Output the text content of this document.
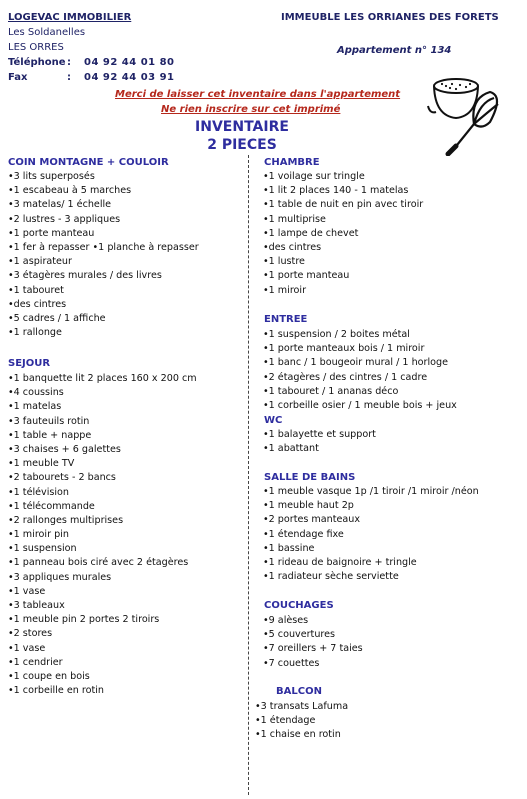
LOGEVAC IMMOBILIER
Les Soldanelles
LES ORRES
Téléphone : 04 92 44 01 80
Fax	: 04 92 44 03 91
IMMEUBLE LES ORRIANES DES FORETS
Appartement n° 134
Merci de laisser cet inventaire dans l'appartement
Ne rien inscrire sur cet imprimé
INVENTAIRE
2 PIECES
COIN MONTAGNE + COULOIR
•3 lits superposés
•1 escabeau à 5 marches
•3 matelas/ 1 échelle
•2 lustres - 3 appliques
•1 porte manteau
•1 fer à repasser •1 planche à repasser
•1 aspirateur
•3 étagères murales / des livres
•1 tabouret
•des cintres
•5 cadres / 1 affiche
•1 rallonge
SEJOUR
•1 banquette lit 2 places 160 x 200 cm
•4 coussins
•1 matelas
•3 fauteuils rotin
•1 table + nappe
•3 chaises + 6 galettes
•1 meuble TV
•2 tabourets - 2 bancs
•1 télévision
•1 télécommande
•2 rallonges multiprises
•1 miroir pin
•1 suspension
•1 panneau bois ciré avec 2 étagères
•3 appliques murales
•1 vase
•3 tableaux
•1 meuble pin 2 portes 2 tiroirs
•2 stores
•1 vase
•1 cendrier
•1 coupe en bois
•1 corbeille en rotin
CHAMBRE
•1 voilage sur tringle
•1 lit 2 places 140 - 1 matelas
•1 table de nuit en pin avec tiroir
•1 multiprise
•1 lampe de chevet
•des cintres
•1 lustre
•1 porte manteau
•1 miroir
ENTREE
•1 suspension / 2 boites métal
•1 porte manteaux bois / 1 miroir
•1 banc / 1 bougeoir mural / 1 horloge
•2 étagères / des cintres / 1 cadre
•1 tabouret / 1 ananas déco
•1 corbeille osier / 1 meuble bois + jeux
WC
•1 balayette et support
•1 abattant
SALLE DE BAINS
•1 meuble vasque 1p /1 tiroir /1 miroir /néon
•1 meuble haut 2p
•2 portes manteaux
•1 étendage fixe
•1 bassine
•1 rideau de baignoire + tringle
•1 radiateur sèche serviette
COUCHAGES
•9 alèses
•5 couvertures
•7 oreillers + 7 taies
•7 couettes
BALCON
•3 transats Lafuma
•1 étendage
•1 chaise en rotin
